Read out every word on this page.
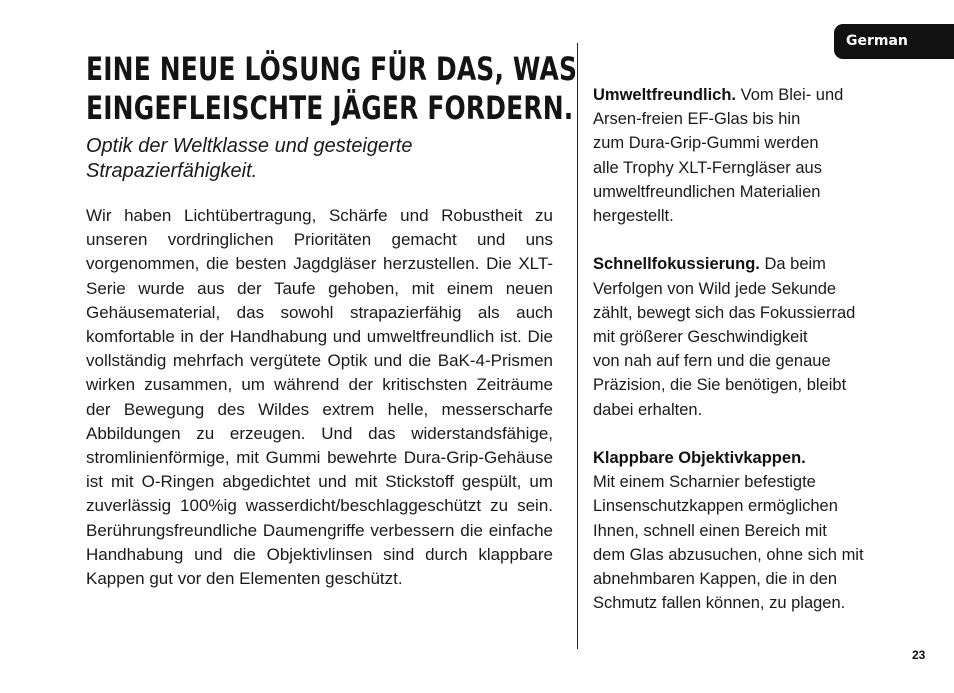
German
EINE NEUE LÖSUNG FÜR DAS, WAS
EINGEFLEISCHTE JÄGER FORDERN.

Optik der Weltklasse und gesteigerte Strapazierfähigkeit.

Wir haben Lichtübertragung, Schärfe und Robustheit zu unseren vordringlichen Prioritäten gemacht und uns vorgenommen, die besten Jagdgläser herzustellen. Die XLT-Serie wurde aus der Taufe gehoben, mit einem neuen Gehäusematerial, das sowohl strapazierfähig als auch komfortable in der Handhabung und umweltfreundlich ist. Die vollständig mehrfach vergütete Optik und die BaK-4-Prismen wirken zusammen, um während der kritischsten Zeiträume der Bewegung des Wildes extrem helle, messerscharfe Abbildungen zu erzeugen. Und das widerstandsfähige, stromlinienförmige, mit Gummi bewehrte Dura-Grip-Gehäuse ist mit O-Ringen abgedichtet und mit Stickstoff gespült, um zuverlässig 100%ig wasserdicht/beschlaggeschützt zu sein. Berührungsfreundliche Daumengriffe verbessern die einfache Handhabung und die Objektivlinsen sind durch klappbare Kappen gut vor den Elementen geschützt.

Umweltfreundlich. Vom Blei- und
Arsen-freien EF-Glas bis hin
zum Dura-Grip-Gummi werden
alle Trophy XLT-Ferngläser aus
umweltfreundlichen Materialien
hergestellt.

Schnellfokussierung. Da beim
Verfolgen von Wild jede Sekunde
zählt, bewegt sich das Fokussierrad
mit größerer Geschwindigkeit
von nah auf fern und die genaue
Präzision, die Sie benötigen, bleibt
dabei erhalten.

Klappbare Objektivkappen.
Mit einem Scharnier befestigte
Linsenschutzkappen ermöglichen
Ihnen, schnell einen Bereich mit
dem Glas abzusuchen, ohne sich mit
abnehmbaren Kappen, die in den
Schmutz fallen können, zu plagen.

23
